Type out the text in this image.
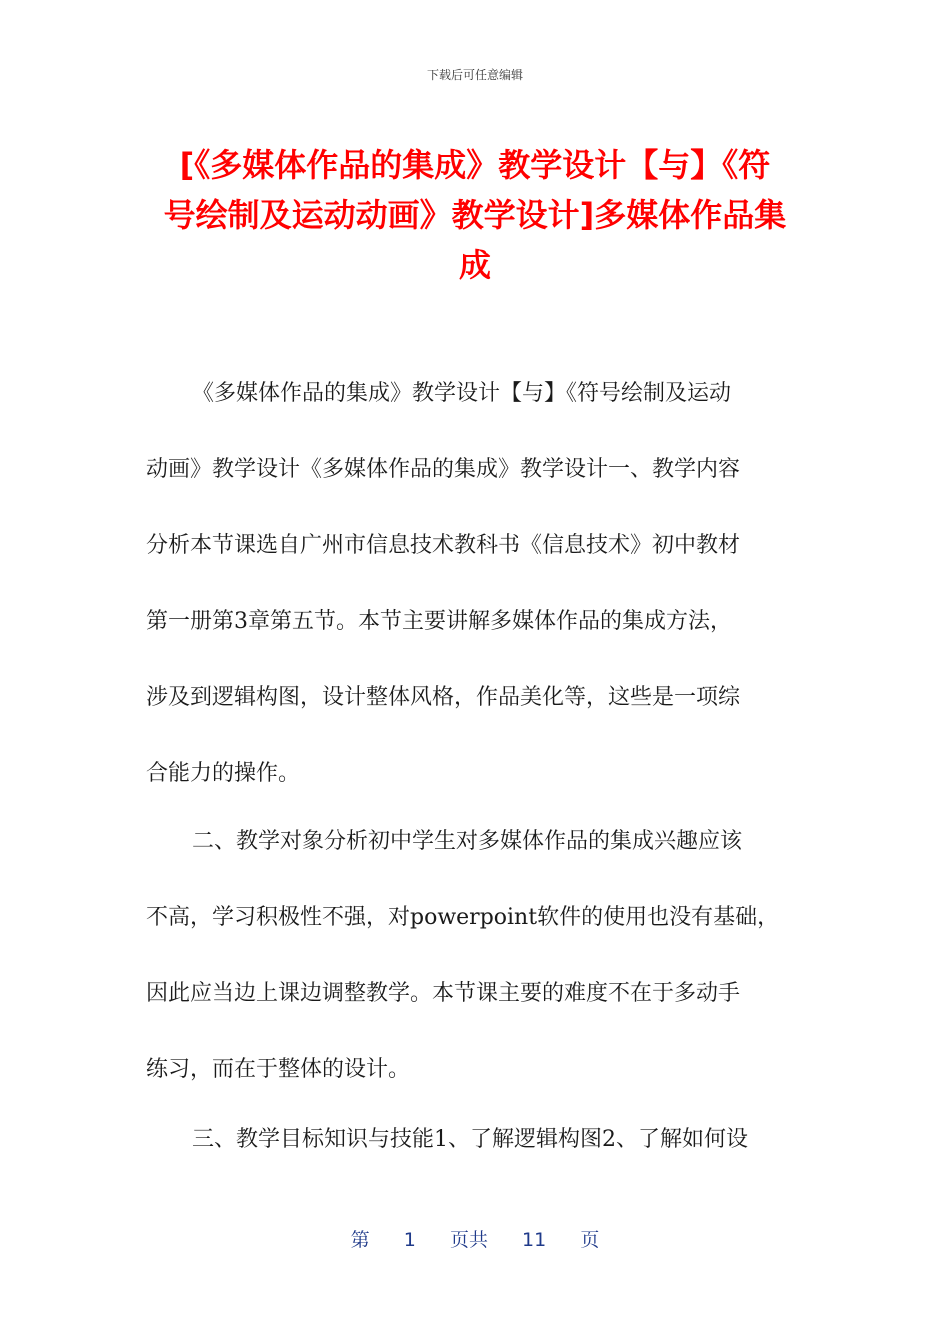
下载后可任意编辑

[《多媒体作品的集成》教学设计【与】《符
号绘制及运动动画》教学设计]多媒体作品集
成
《多媒体作品的集成》教学设计【与】《符号绘制及运动
动画》教学设计《多媒体作品的集成》教学设计一、教学内容
分析本节课选自广州市信息技术教科书《信息技术》初中教材
第一册第3章第五节。本节主要讲解多媒体作品的集成方法，
涉及到逻辑构图，设计整体风格，作品美化等，这些是一项综
合能力的操作。
二、教学对象分析初中学生对多媒体作品的集成兴趣应该
不高，学习积极性不强，对powerpoint软件的使用也没有基础，
因此应当边上课边调整教学。本节课主要的难度不在于多动手
练习，而在于整体的设计。
三、教学目标知识与技能1、了解逻辑构图2、了解如何设

第 1 页共 11 页
